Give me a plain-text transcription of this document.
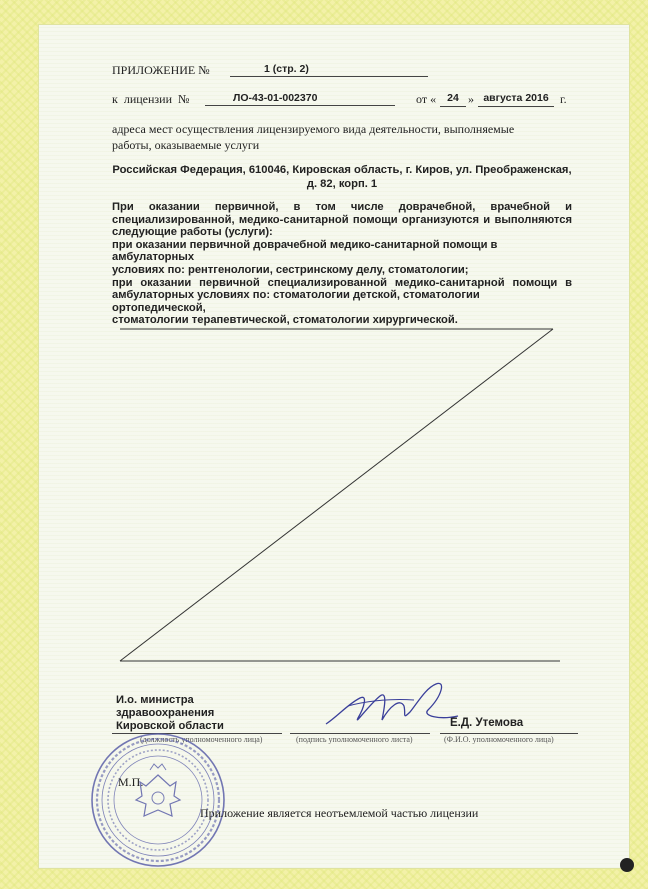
ПРИЛОЖЕНИЕ №	1 (стр. 2)
к лицензии №	ЛО-43-01-002370	от «	24 » августа 2016 г.
адреса мест осуществления лицензируемого вида деятельности, выполняемые работы, оказываемые услуги
Российская Федерация, 610046, Кировская область, г. Киров, ул. Преображенская,
д. 82, корп. 1
При оказании первичной, в том числе доврачебной, врачебной и
специализированной, медико-санитарной помощи организуются и выполняются
следующие работы (услуги):
при оказании первичной доврачебной медико-санитарной помощи в амбулаторных
условиях по: рентгенологии, сестринскому делу, стоматологии;
при оказании первичной специализированной медико-санитарной помощи в
амбулаторных условиях по: стоматологии детской, стоматологии ортопедической,
стоматологии терапевтической, стоматологии хирургической.
И.о. министра
здравоохранения
Кировской области
(должность уполномоченного лица)	(подпись уполномоченного листа)
Е.Д. Утемова
(Ф.И.О. уполномоченного лица)
М.П.
Приложение является неотъемлемой частью лицензии
